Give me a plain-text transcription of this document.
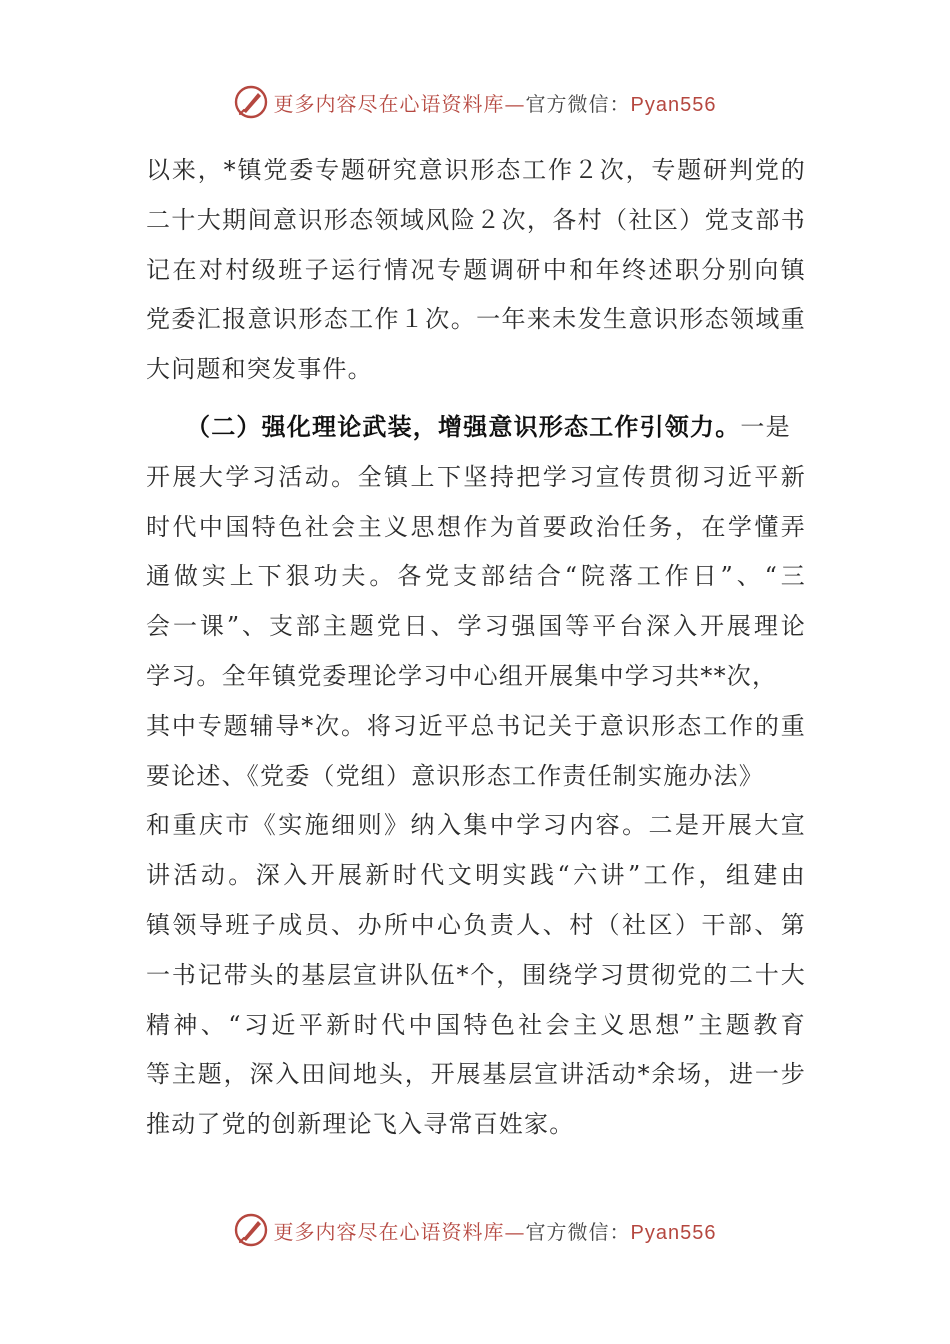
更多内容尽在心语资料库—官方微信：Pyan556
以来，*镇党委专题研究意识形态工作２次，专题研判党的
二十大期间意识形态领域风险２次，各村（社区）党支部书
记在对村级班子运行情况专题调研中和年终述职分别向镇
党委汇报意识形态工作１次。一年来未发生意识形态领域重
大问题和突发事件。
（二）强化理论武装，增强意识形态工作引领力。一是
开展大学习活动。全镇上下坚持把学习宣传贯彻习近平新
时代中国特色社会主义思想作为首要政治任务，在学懂弄
通做实上下狠功夫。各党支部结合“院落工作日”、“三
会一课”、支部主题党日、学习强国等平台深入开展理论
学习。全年镇党委理论学习中心组开展集中学习共**次，
其中专题辅导*次。将习近平总书记关于意识形态工作的重
要论述、《党委（党组）意识形态工作责任制实施办法》
和重庆市《实施细则》纳入集中学习内容。二是开展大宣
讲活动。深入开展新时代文明实践“六讲”工作，组建由
镇领导班子成员、办所中心负责人、村（社区）干部、第
一书记带头的基层宣讲队伍*个，围绕学习贯彻党的二十大
精神、“习近平新时代中国特色社会主义思想”主题教育
等主题，深入田间地头，开展基层宣讲活动*余场，进一步
推动了党的创新理论飞入寻常百姓家。
更多内容尽在心语资料库—官方微信：Pyan556
